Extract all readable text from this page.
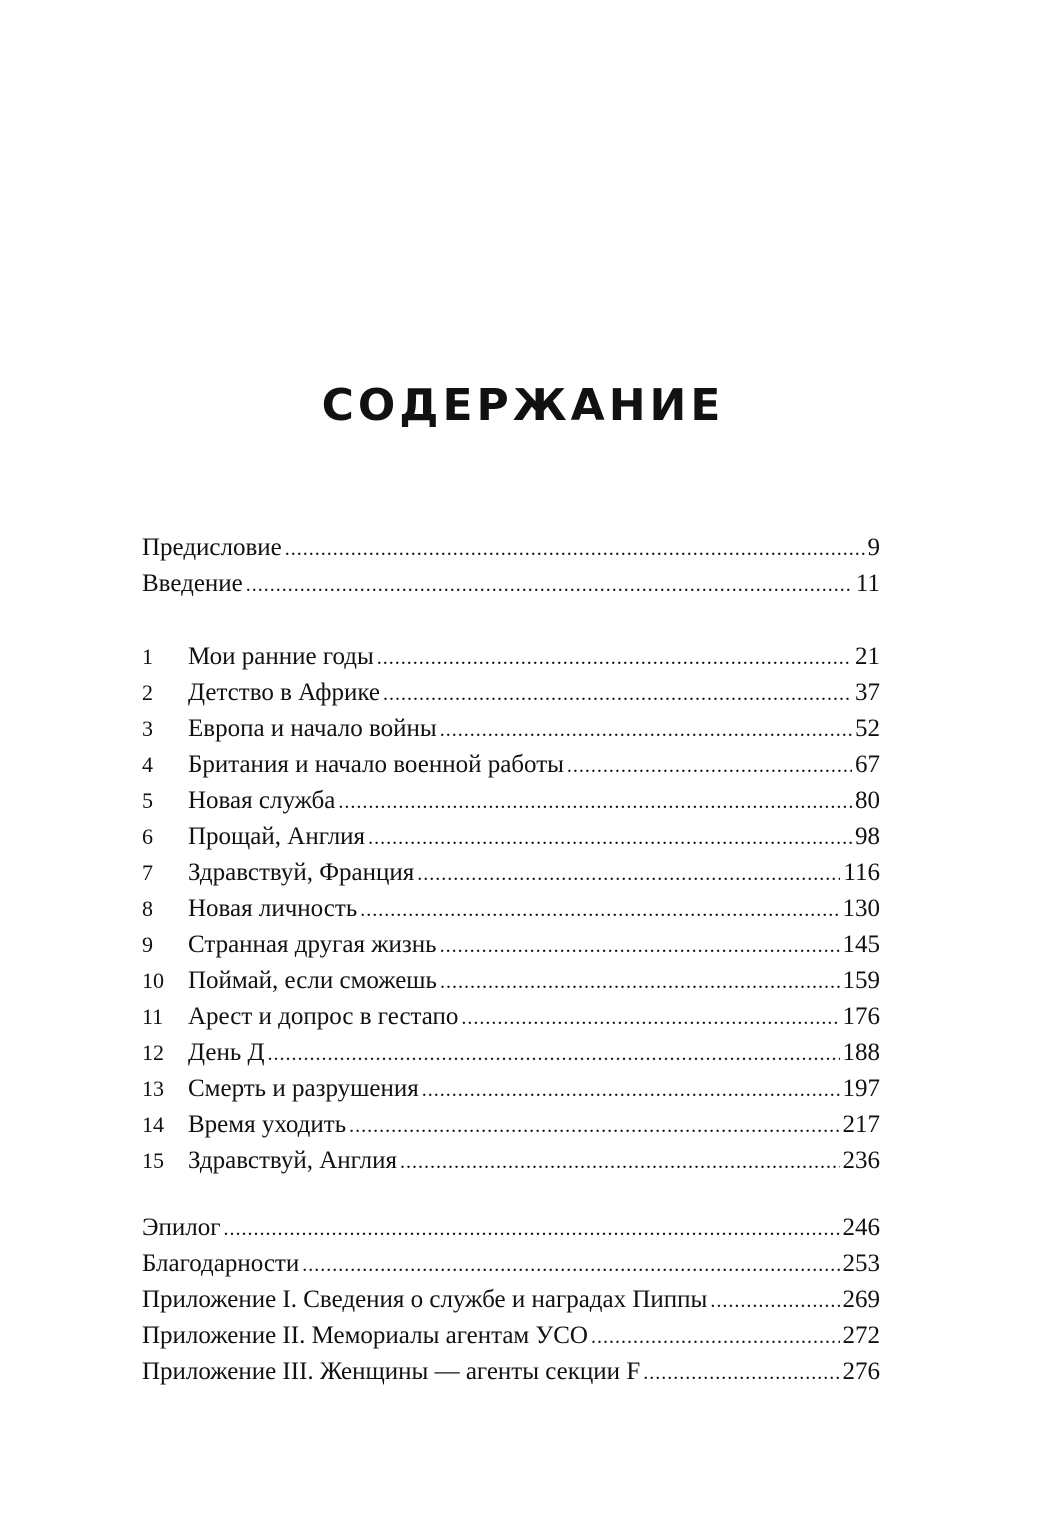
СОДЕРЖАНИЕ
Предисловие .....	9
Введение .....	11
1	Мои ранние годы .....	21
2	Детство в Африке .....	37
3	Европа и начало войны .....	52
4	Британия и начало военной работы .....	67
5	Новая служба .....	80
6	Прощай, Англия .....	98
7	Здравствуй, Франция .....	116
8	Новая личность .....	130
9	Странная другая жизнь .....	145
10 Поймай, если сможешь .....	159
11 Арест и допрос в гестапо .....	176
12 День Д .....	188
13 Смерть и разрушения .....	197
14 Время уходить .....	217
15 Здравствуй, Англия .....	236
Эпилог .....	246
Благодарности .....	253
Приложение I. Сведения о службе и наградах Пиппы .....	269
Приложение II. Мемориалы агентам УСО .....	272
Приложение III. Женщины — агенты секции F .....	276
